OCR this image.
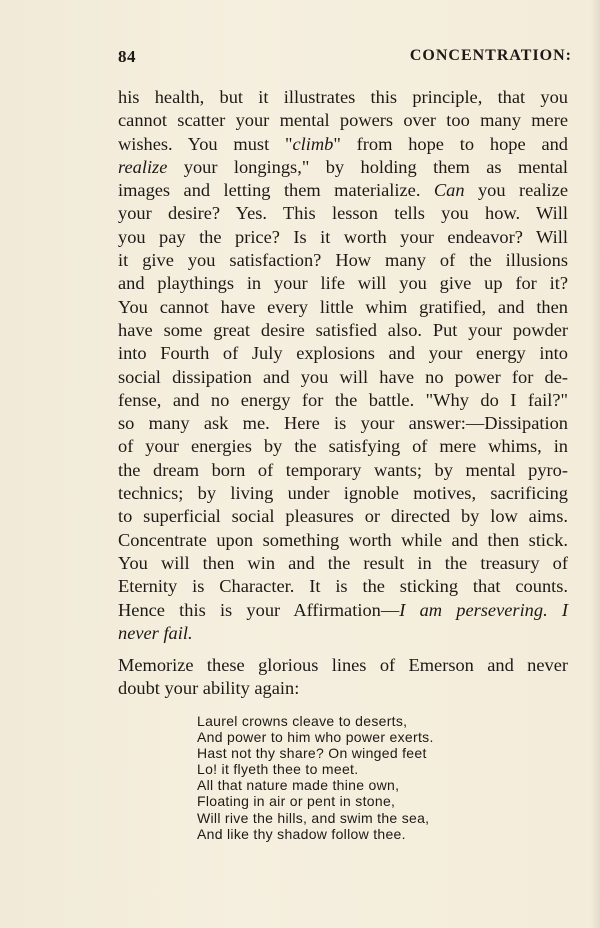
84	CONCENTRATION:

his health, but it illustrates this principle, that you
cannot scatter your mental powers over too many mere
wishes. You must "climb" from hope to hope and
realize your longings," by holding them as mental
images and letting them materialize. Can you realize
your desire? Yes. This lesson tells you how. Will
you pay the price? Is it worth your endeavor? Will
it give you satisfaction? How many of the illusions
and playthings in your life will you give up for it?
You cannot have every little whim gratified, and then
have some great desire satisfied also. Put your powder
into Fourth of July explosions and your energy into
social dissipation and you will have no power for de-
fense, and no energy for the battle. "Why do I fail?"
so many ask me. Here is your answer:—Dissipation
of your energies by the satisfying of mere whims, in
the dream born of temporary wants; by mental pyro-
technics; by living under ignoble motives, sacrificing
to superficial social pleasures or directed by low aims.
Concentrate upon something worth while and then stick.
You will then win and the result in the treasury of
Eternity is Character. It is the sticking that counts.
Hence this is your Affirmation—I am persevering. I
never fail.

Memorize these glorious lines of Emerson and never
doubt your ability again:

Laurel crowns cleave to deserts,
And power to him who power exerts.
Hast not thy share? On winged feet
Lo! it flyeth thee to meet.
All that nature made thine own,
Floating in air or pent in stone,
Will rive the hills, and swim the sea,
And like thy shadow follow thee.
